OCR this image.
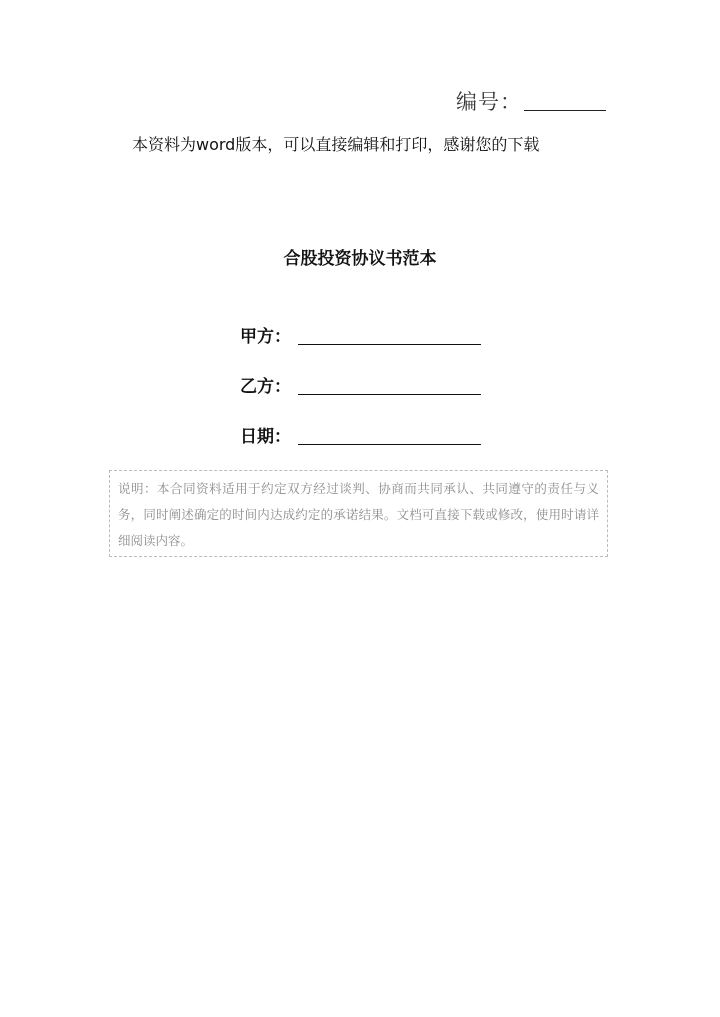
编号：
本资料为word版本，可以直接编辑和打印，感谢您的下载
合股投资协议书范本
甲方：
乙方：
日期：

说明：本合同资料适用于约定双方经过谈判、协商而共同承认、共同遵守的责任与义务，同时阐述确定的时间内达成约定的承诺结果。文档可直接下载或修改，使用时请详细阅读内容。
